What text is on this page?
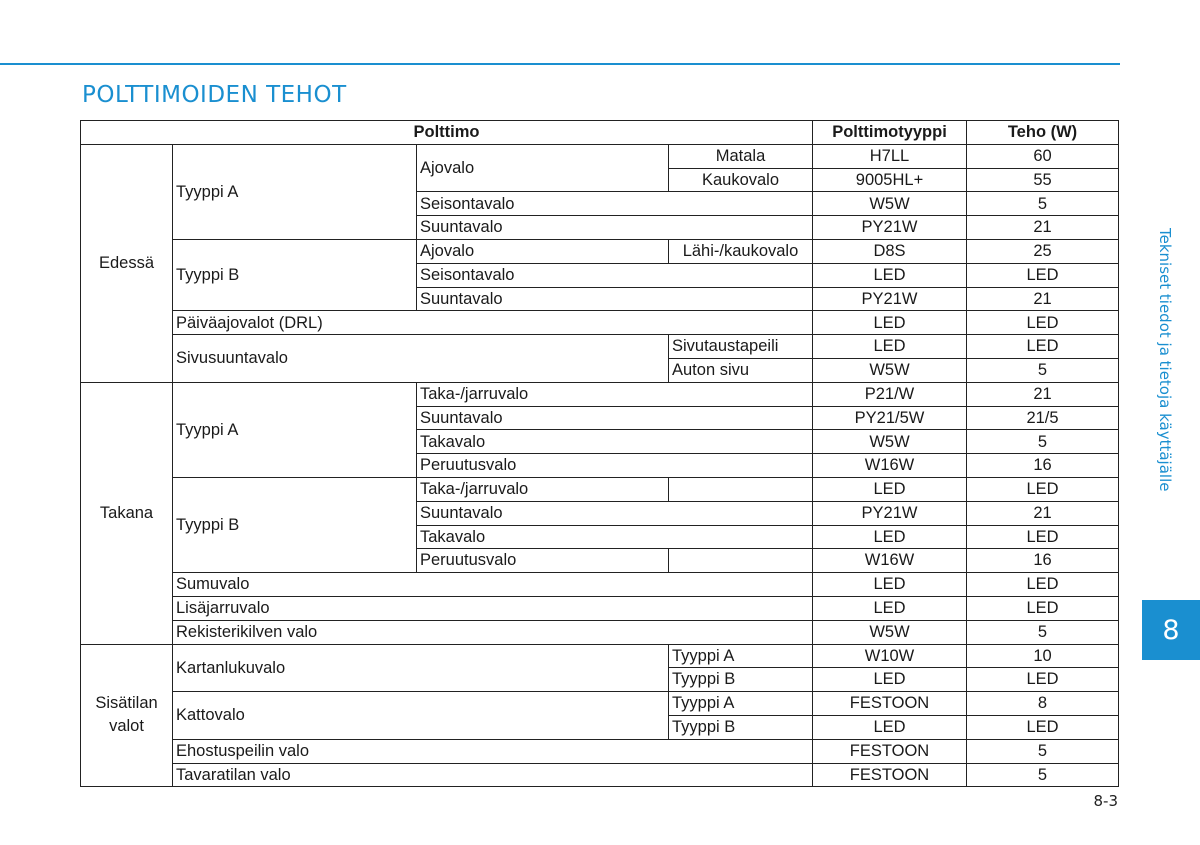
POLTTIMOIDEN TEHOT
Tekniset tiedot ja tietoja käyttäjälle
8
Polttimo				Polttimotyyppi	Teho (W)
Edessä	Tyyppi A	Ajovalo	Matala	H7LL	60
			Kaukovalo	9005HL+	55
		Seisontavalo		W5W	5
		Suuntavalo		PY21W	21
	Tyyppi B	Ajovalo	Lähi-/kaukovalo	D8S	25
		Seisontavalo		LED	LED
		Suuntavalo		PY21W	21
	Päiväajovalot (DRL)			LED	LED
	Sivusuuntavalo		Sivutaustapeili	LED	LED
			Auton sivu	W5W	5
Takana	Tyyppi A	Taka-/jarruvalo		P21/W	21
		Suuntavalo		PY21/5W	21/5
		Takavalo		W5W	5
		Peruutusvalo		W16W	16
	Tyyppi B	Taka-/jarruvalo		LED	LED
		Suuntavalo		PY21W	21
		Takavalo		LED	LED
		Peruutusvalo		W16W	16
	Sumuvalo			LED	LED
	Lisäjarruvalo			LED	LED
	Rekisterikilven valo			W5W	5
Sisätilan valot	Kartanlukuvalo		Tyyppi A	W10W	10
			Tyyppi B	LED	LED
	Kattovalo		Tyyppi A	FESTOON	8
			Tyyppi B	LED	LED
	Ehostuspeilin valo			FESTOON	5
	Tavaratilan valo			FESTOON	5
8-3
